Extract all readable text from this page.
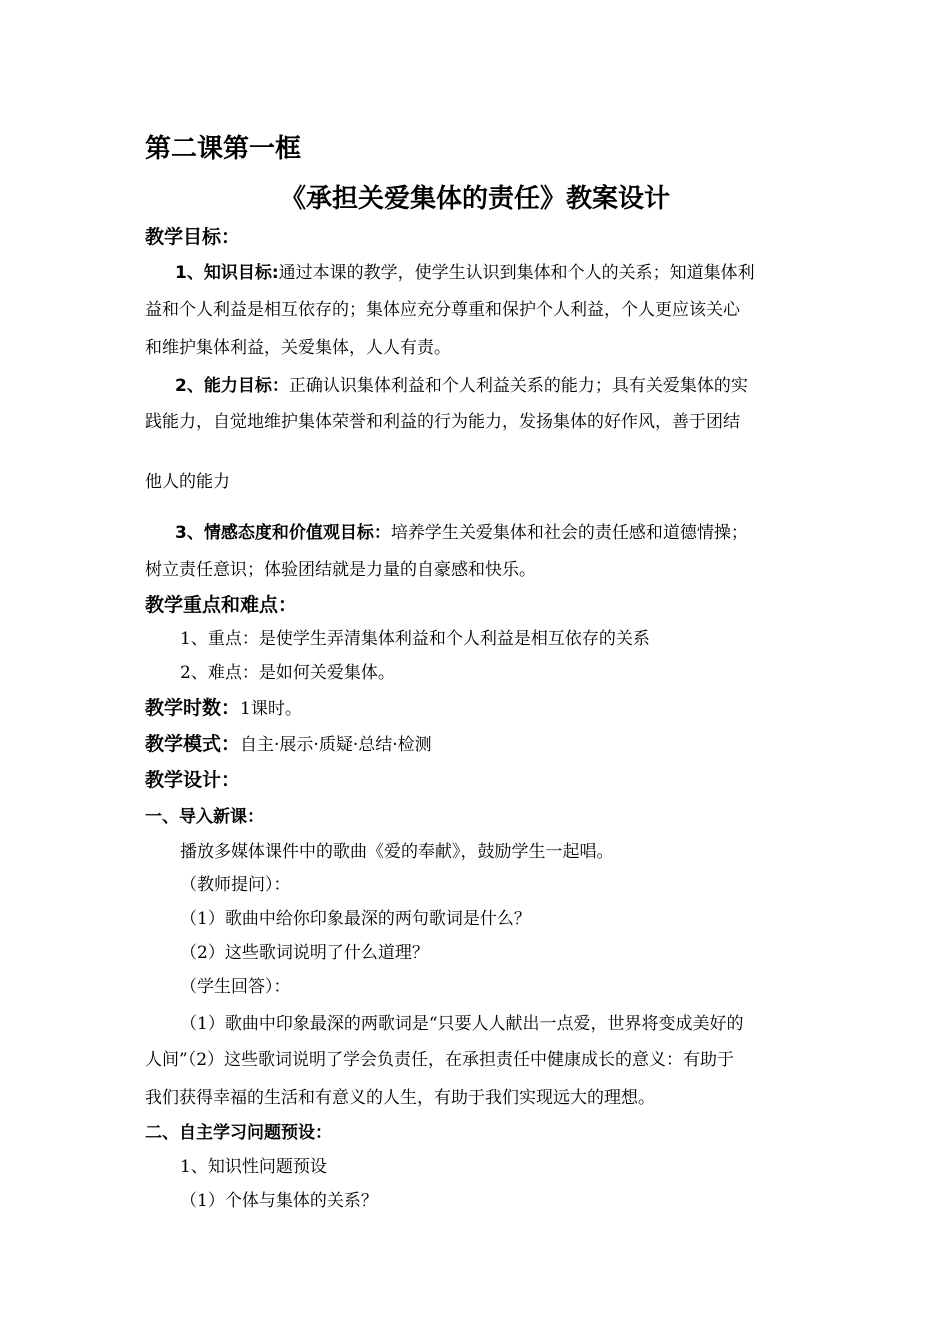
第二课第一框
《承担关爱集体的责任》教案设计
教学目标：
1、知识目标:通过本课的教学，使学生认识到集体和个人的关系；知道集体利
益和个人利益是相互依存的；集体应充分尊重和保护个人利益，个人更应该关心
和维护集体利益，关爱集体，人人有责。
2、能力目标：正确认识集体利益和个人利益关系的能力；具有关爱集体的实
践能力，自觉地维护集体荣誉和利益的行为能力，发扬集体的好作风，善于团结
他人的能力
3、情感态度和价值观目标：培养学生关爱集体和社会的责任感和道德情操；
树立责任意识；体验团结就是力量的自豪感和快乐。
教学重点和难点：
1、重点：是使学生弄清集体利益和个人利益是相互依存的关系
2、难点：是如何关爱集体。
教学时数：1课时。
教学模式：自主·展示·质疑·总结·检测
教学设计：
一、导入新课：
播放多媒体课件中的歌曲《爱的奉献》，鼓励学生一起唱。
（教师提问）：
（1）歌曲中给你印象最深的两句歌词是什么？
（2）这些歌词说明了什么道理？
（学生回答）：
（1）歌曲中印象最深的两歌词是“只要人人献出一点爱，世界将变成美好的
人间”（2）这些歌词说明了学会负责任，在承担责任中健康成长的意义：有助于
我们获得幸福的生活和有意义的人生，有助于我们实现远大的理想。
二、自主学习问题预设：
1、知识性问题预设
（1）个体与集体的关系？
